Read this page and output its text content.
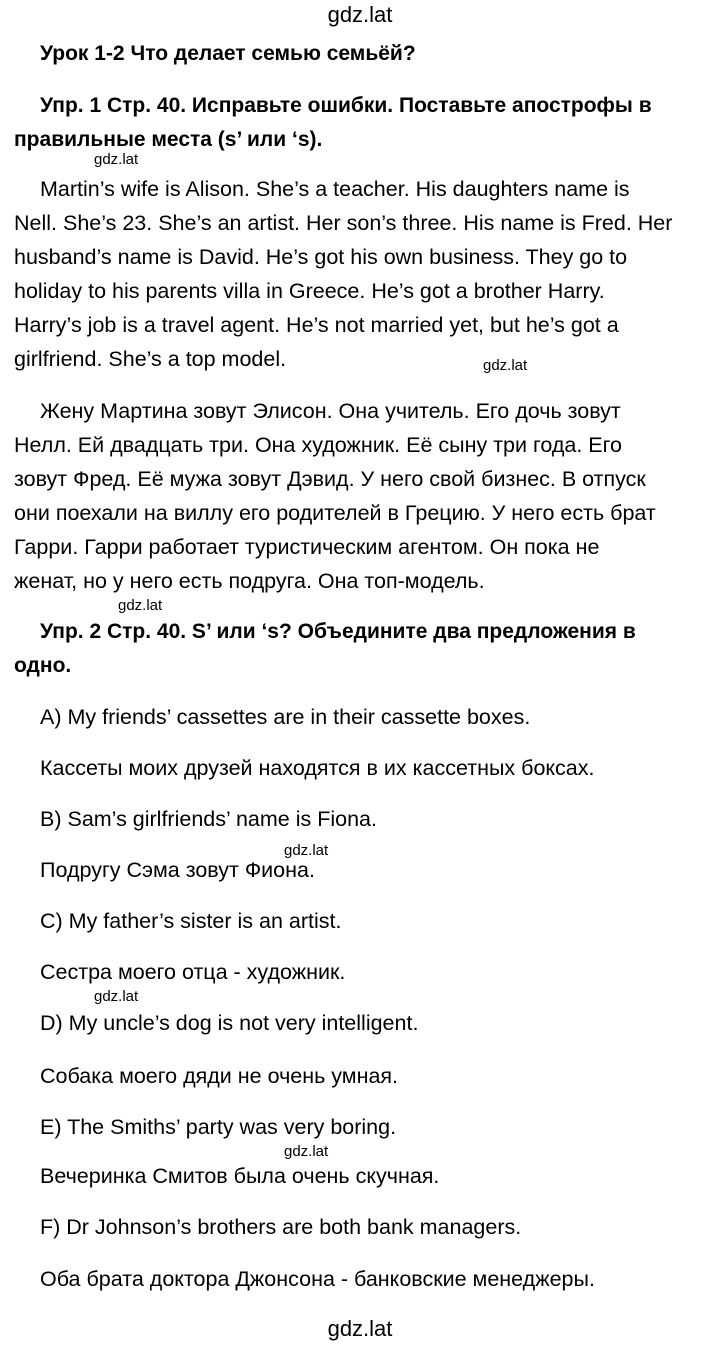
gdz.lat
gdz.lat
gdz.lat
gdz.lat
gdz.lat
gdz.lat
gdz.lat
gdz.lat
Урок 1-2 Что делает семью семьёй?
Упр. 1 Стр. 40. Исправьте ошибки. Поставьте апострофы в
правильные места (s’ или ‘s).
Martin’s wife is Alison. She’s a teacher. His daughters name is
Nell. She’s 23. She’s an artist. Her son’s three. His name is Fred. Her
husband’s name is David. He’s got his own business. They go to
holiday to his parents villa in Greece. He’s got a brother Harry.
Harry’s job is a travel agent. He’s not married yet, but he’s got a
girlfriend. She’s a top model.
Жену Мартина зовут Элисон. Она учитель. Его дочь зовут
Нелл. Ей двадцать три. Она художник. Её сыну три года. Его
зовут Фред. Её мужа зовут Дэвид. У него свой бизнес. В отпуск
они поехали на виллу его родителей в Грецию. У него есть брат
Гарри. Гарри работает туристическим агентом. Он пока не
женат, но у него есть подруга. Она топ-модель.
Упр. 2 Стр. 40. S’ или ‘s? Объедините два предложения в
одно.
A) My friends’ cassettes are in their cassette boxes.
Кассеты моих друзей находятся в их кассетных боксах.
B) Sam’s girlfriends’ name is Fiona.
Подругу Сэма зовут Фиона.
C) My father’s sister is an artist.
Сестра моего отца - художник.
D) My uncle’s dog is not very intelligent.
Собака моего дяди не очень умная.
E) The Smiths’ party was very boring.
Вечеринка Смитов была очень скучная.
F) Dr Johnson’s brothers are both bank managers.
Оба брата доктора Джонсона - банковские менеджеры.
